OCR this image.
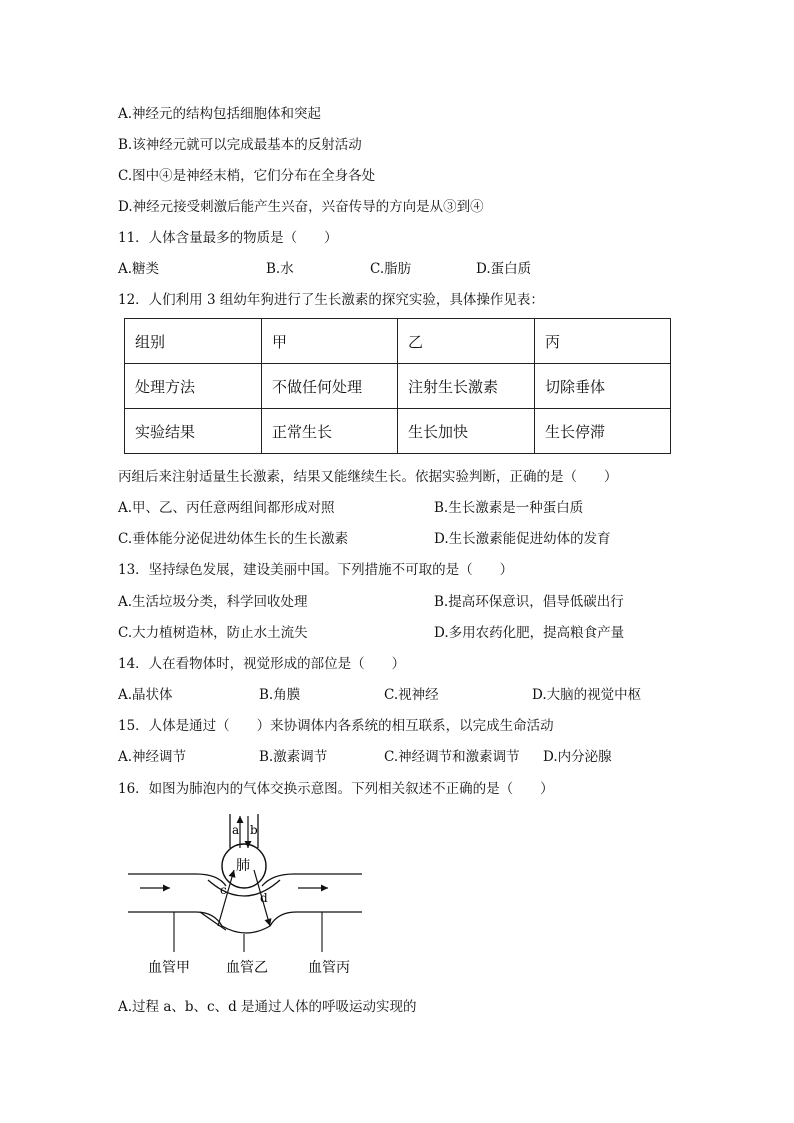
A.神经元的结构包括细胞体和突起
B.该神经元就可以完成最基本的反射活动
C.图中④是神经末梢，它们分布在全身各处
D.神经元接受刺激后能产生兴奋，兴奋传导的方向是从③到④
11．人体含量最多的物质是（　　）
A.糖类	B.水	C.脂肪	D.蛋白质
12．人们利用 3 组幼年狗进行了生长激素的探究实验，具体操作见表：
组别	甲	乙	丙
处理方法	不做任何处理	注射生长激素	切除垂体
实验结果	正常生长	生长加快	生长停滞
丙组后来注射适量生长激素，结果又能继续生长。依据实验判断，正确的是（　　）
A.甲、乙、丙任意两组间都形成对照	B.生长激素是一种蛋白质
C.垂体能分泌促进幼体生长的生长激素	D.生长激素能促进幼体的发育
13．坚持绿色发展，建设美丽中国。下列措施不可取的是（　　）
A.生活垃圾分类，科学回收处理	B.提高环保意识，倡导低碳出行
C.大力植树造林，防止水土流失	D.多用农药化肥，提高粮食产量
14．人在看物体时，视觉形成的部位是（　　）
A.晶状体	B.角膜	C.视神经	D.大脑的视觉中枢
15．人体是通过（　　）来协调体内各系统的相互联系，以完成生命活动
A.神经调节	B.激素调节	C.神经调节和激素调节 D.内分泌腺
16．如图为肺泡内的气体交换示意图。下列相关叙述不正确的是（　　）
a b
肺
c
d
血管甲	血管乙	血管丙
A.过程 a、b、c、d 是通过人体的呼吸运动实现的
